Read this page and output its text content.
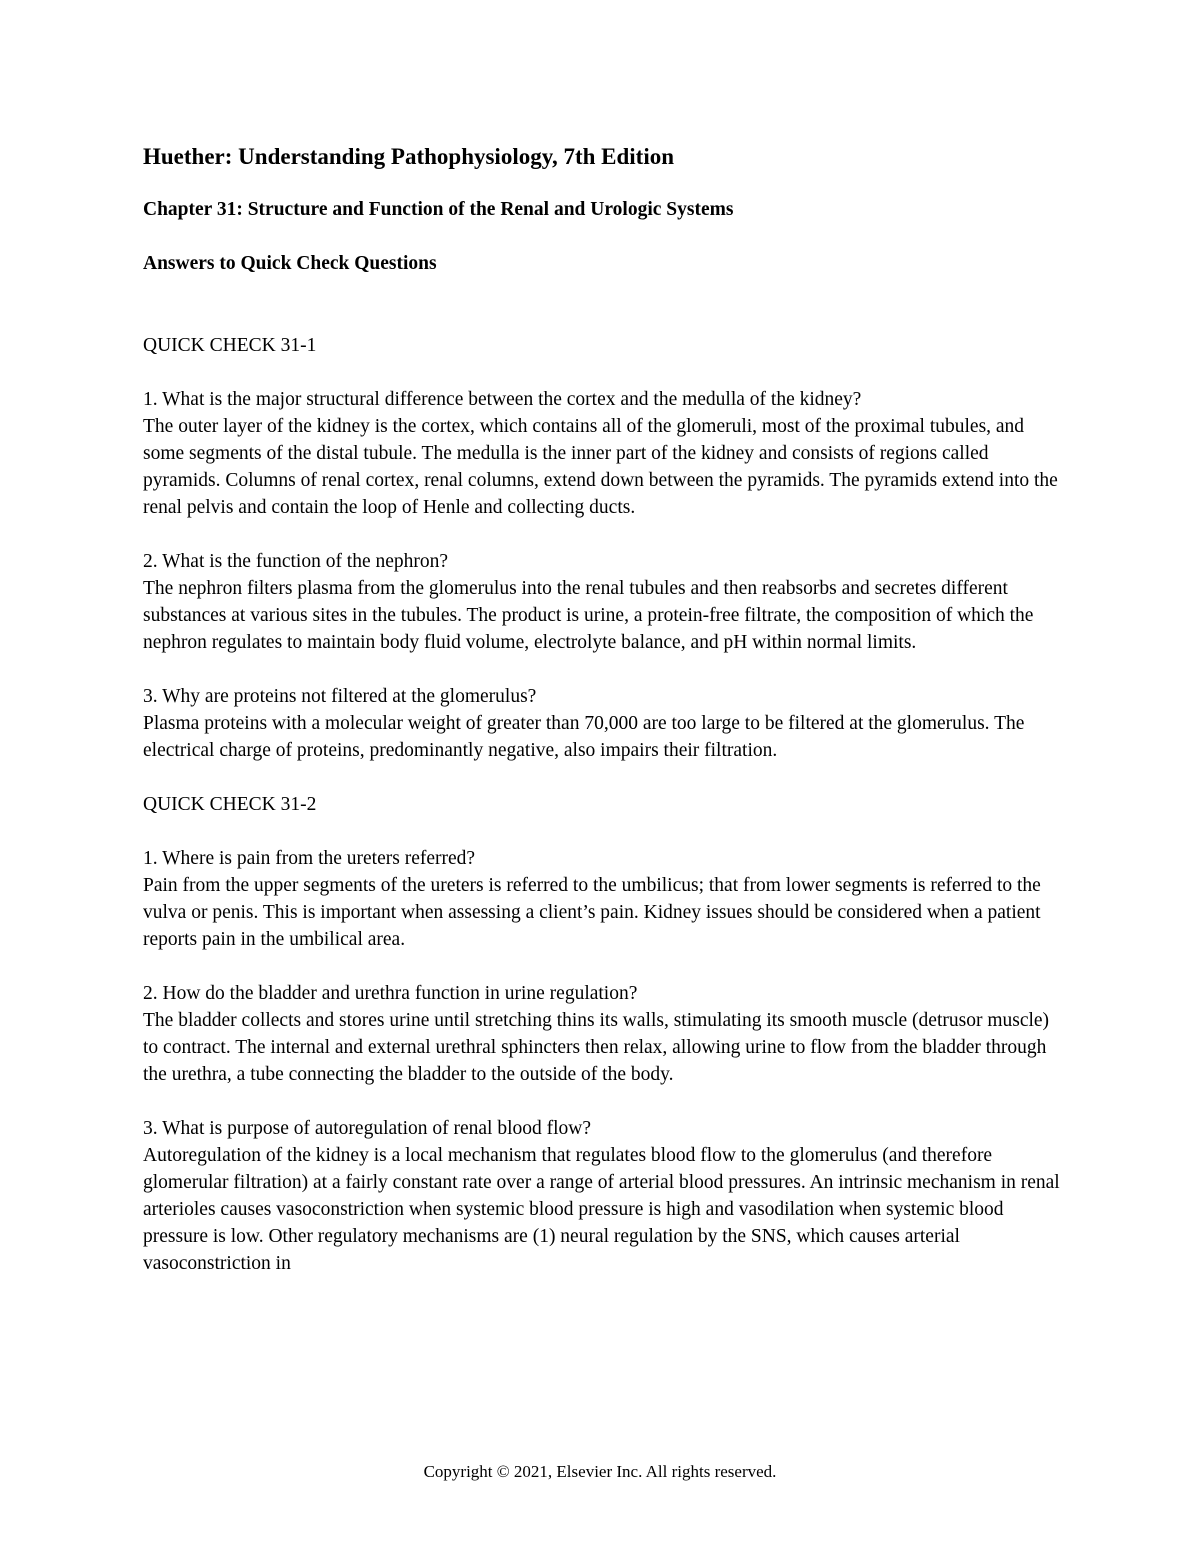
Huether: Understanding Pathophysiology, 7th Edition

Chapter 31: Structure and Function of the Renal and Urologic Systems

Answers to Quick Check Questions

QUICK CHECK 31-1

1. What is the major structural difference between the cortex and the medulla of the kidney?

The outer layer of the kidney is the cortex, which contains all of the glomeruli, most of the proximal tubules, and some segments of the distal tubule. The medulla is the inner part of the kidney and consists of regions called pyramids. Columns of renal cortex, renal columns, extend down between the pyramids. The pyramids extend into the renal pelvis and contain the loop of Henle and collecting ducts.

2. What is the function of the nephron?

The nephron filters plasma from the glomerulus into the renal tubules and then reabsorbs and secretes different substances at various sites in the tubules. The product is urine, a protein-free filtrate, the composition of which the nephron regulates to maintain body fluid volume, electrolyte balance, and pH within normal limits.

3. Why are proteins not filtered at the glomerulus?

Plasma proteins with a molecular weight of greater than 70,000 are too large to be filtered at the glomerulus. The electrical charge of proteins, predominantly negative, also impairs their filtration.

QUICK CHECK 31-2

1. Where is pain from the ureters referred?

Pain from the upper segments of the ureters is referred to the umbilicus; that from lower segments is referred to the vulva or penis. This is important when assessing a client’s pain. Kidney issues should be considered when a patient reports pain in the umbilical area.

2. How do the bladder and urethra function in urine regulation?

The bladder collects and stores urine until stretching thins its walls, stimulating its smooth muscle (detrusor muscle) to contract. The internal and external urethral sphincters then relax, allowing urine to flow from the bladder through the urethra, a tube connecting the bladder to the outside of the body.

3. What is purpose of autoregulation of renal blood flow?

Autoregulation of the kidney is a local mechanism that regulates blood flow to the glomerulus (and therefore glomerular filtration) at a fairly constant rate over a range of arterial blood pressures. An intrinsic mechanism in renal arterioles causes vasoconstriction when systemic blood pressure is high and vasodilation when systemic blood pressure is low. Other regulatory mechanisms are (1) neural regulation by the SNS, which causes arterial vasoconstriction in

Copyright © 2021, Elsevier Inc. All rights reserved.
